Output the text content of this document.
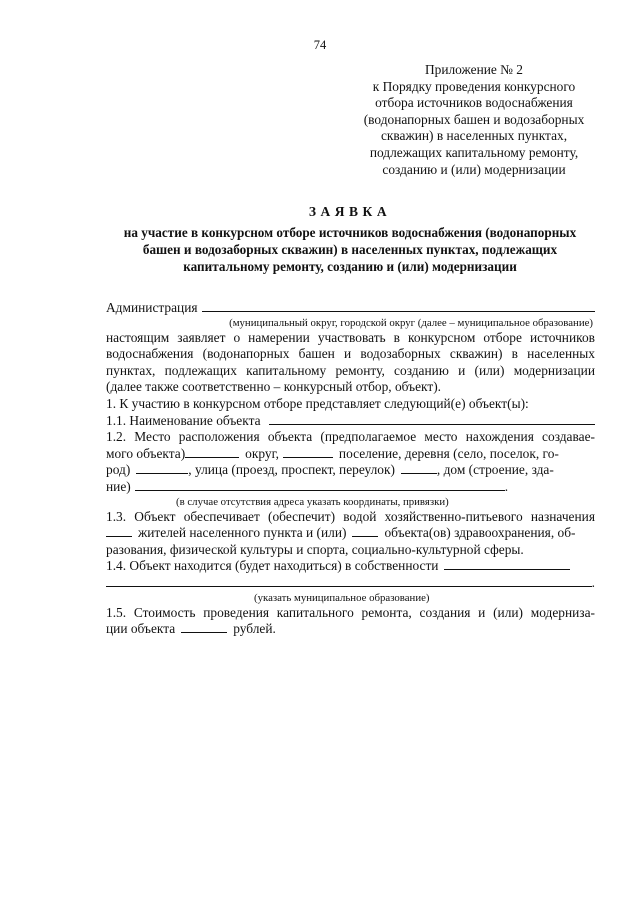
74
Приложение № 2
к Порядку проведения конкурсного
отбора источников водоснабжения
(водонапорных башен и водозаборных
скважин) в населенных пунктах,
подлежащих капитальному ремонту,
созданию и (или) модернизации
ЗАЯВКА
на участие в конкурсном отборе источников водоснабжения (водонапорных
башен и водозаборных скважин) в населенных пунктах, подлежащих
капитальному ремонту, созданию и (или) модернизации
Администрация
(муниципальный округ, городской округ (далее – муниципальное образование)
настоящим заявляет о намерении участвовать в конкурсном отборе источников
водоснабжения (водонапорных башен и водозаборных скважин) в населенных
пунктах, подлежащих капитальному ремонту, созданию и (или) модернизации
(далее также соответственно – конкурсный отбор, объект).
1. К участию в конкурсном отборе представляет следующий(е) объект(ы):
1.1. Наименование объекта
1.2. Место расположения объекта (предполагаемое место нахождения создавае-
мого объекта)	округ,	поселение, деревня (село, поселок, го-
род)	, улица (проезд, проспект, переулок)	, дом (строение, зда-
ние)	.
(в случае отсутствия адреса указать координаты, привязки)
1.3. Объект обеспечивает (обеспечит) водой хозяйственно-питьевого назначения
жителей населенного пункта и (или)	объекта(ов) здравоохранения, об-
разования, физической культуры и спорта, социально-культурной сферы.
1.4. Объект находится (будет находиться) в собственности
.
(указать муниципальное образование)
1.5. Стоимость проведения капитального ремонта, создания и (или) модерниза-
ции объекта	рублей.
